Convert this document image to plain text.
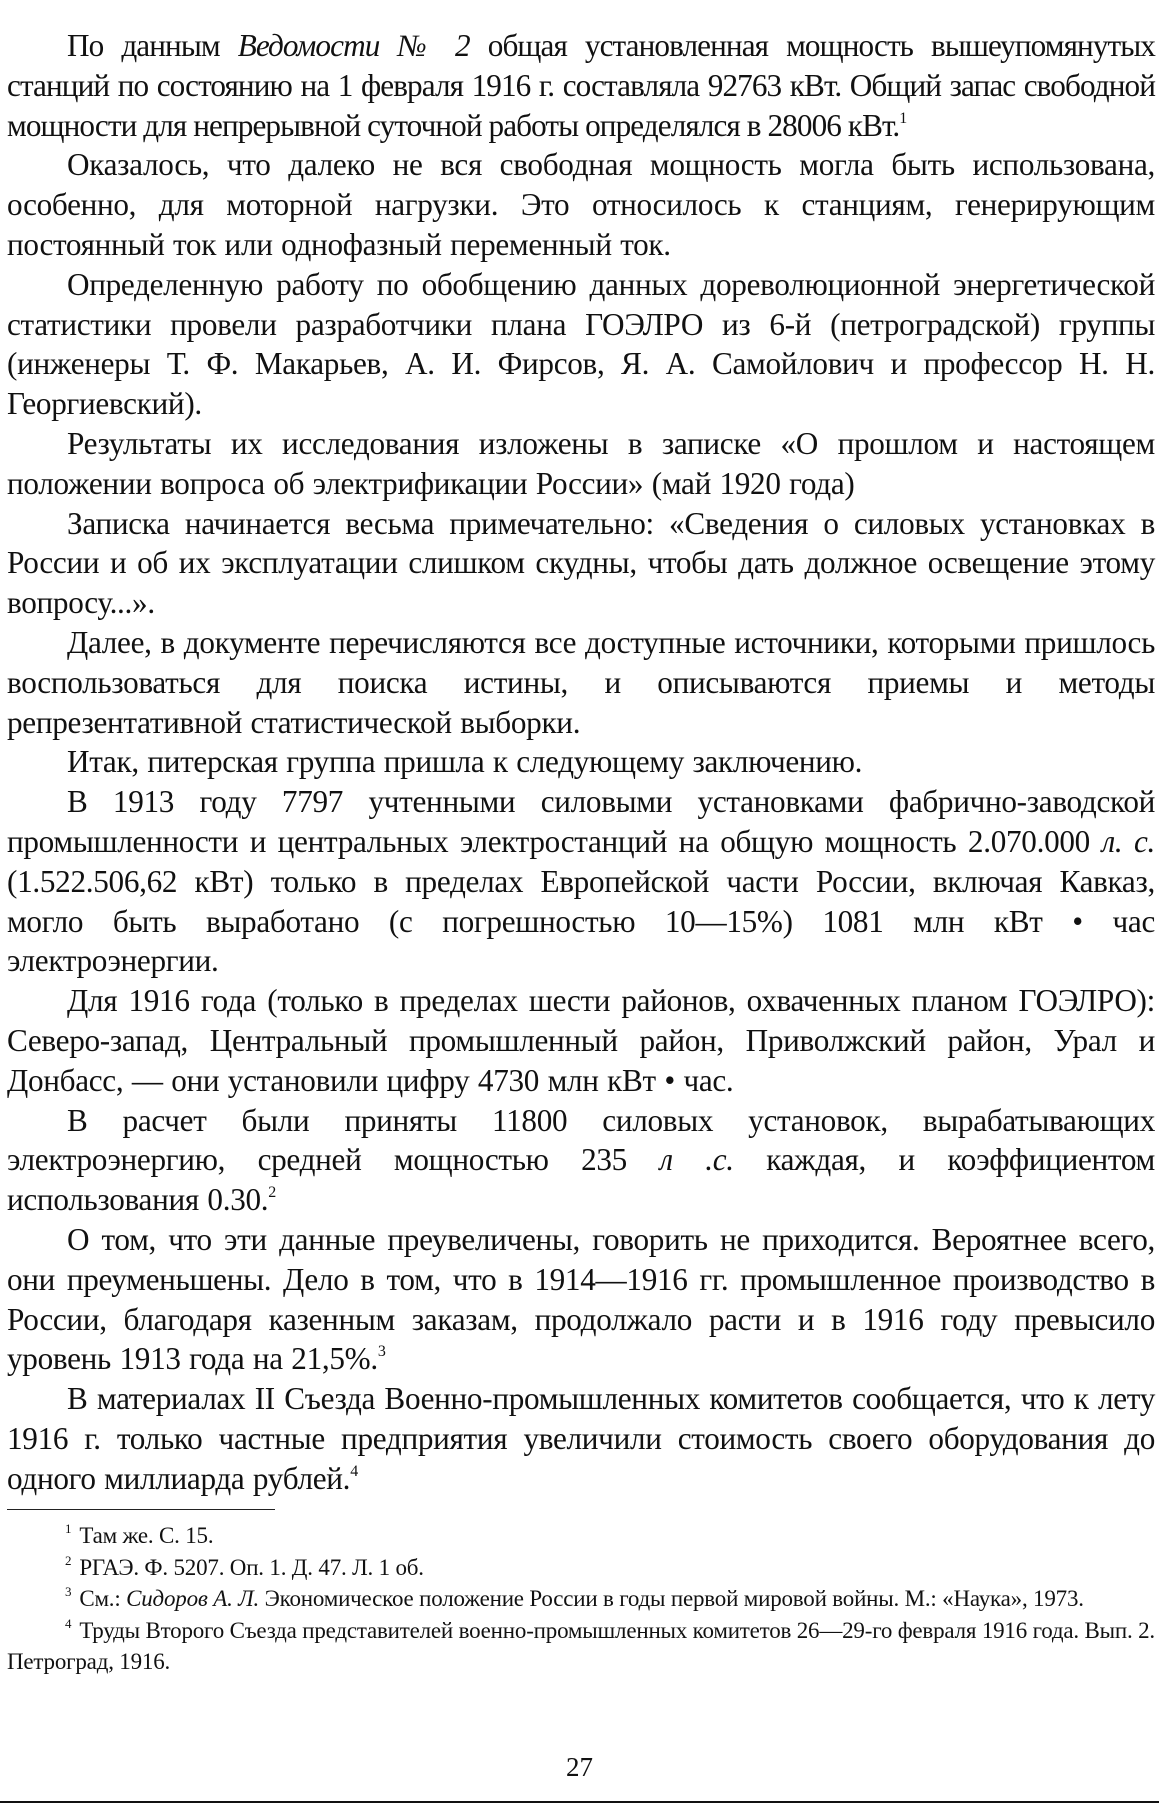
По данным Ведомости № 2 общая установленная мощность вышеупомянутых станций по состоянию на 1 февраля 1916 г. составляла 92763 кВт. Общий запас свободной мощности для непрерывной суточной работы определялся в 28006 кВт.$^1$

Оказалось, что далеко не вся свободная мощность могла быть использована, особенно, для моторной нагрузки. Это относилось к станциям, генерирующим постоянный ток или однофазный переменный ток.

Определенную работу по обобщению данных дореволюционной энергетической статистики провели разработчики плана ГОЭЛРО из 6-й (петроградской) группы (инженеры Т. Ф. Макарьев, А. И. Фирсов, Я. А. Самойлович и профессор Н. Н. Георгиевский).

Результаты их исследования изложены в записке «О прошлом и настоящем положении вопроса об электрификации России» (май 1920 года)

Записка начинается весьма примечательно: «Сведения о силовых установках в России и об их эксплуатации слишком скудны, чтобы дать должное освещение этому вопросу...».

Далее, в документе перечисляются все доступные источники, которыми пришлось воспользоваться для поиска истины, и описываются приемы и методы репрезентативной статистической выборки.

Итак, питерская группа пришла к следующему заключению.

В 1913 году 7797 учтенными силовыми установками фабрично-заводской промышленности и центральных электростанций на общую мощность 2.070.000 л. с. (1.522.506,62 кВт) только в пределах Европейской части России, включая Кавказ, могло быть выработано (с погрешностью 10—15%) 1081 млн кВт • час электроэнергии.

Для 1916 года (только в пределах шести районов, охваченных планом ГОЭЛРО): Северо-запад, Центральный промышленный район, Приволжский район, Урал и Донбасс, — они установили цифру 4730 млн кВт • час.

В расчет были приняты 11800 силовых установок, вырабатывающих электроэнергию, средней мощностью 235 л .с. каждая, и коэффициентом использования 0.30.$^2$

О том, что эти данные преувеличены, говорить не приходится. Вероятнее всего, они преуменьшены. Дело в том, что в 1914—1916 гг. промышленное производство в России, благодаря казенным заказам, продолжало расти и в 1916 году превысило уровень 1913 года на 21,5%.$^3$

В материалах II Съезда Военно-промышленных комитетов сообщается, что к лету 1916 г. только частные предприятия увеличили стоимость своего оборудования до одного миллиарда рублей.$^4$

$^1$ Там же. С. 15.

$^2$ РГАЭ. Ф. 5207. Оп. 1. Д. 47. Л. 1 об.

$^3$ См.: Сидоров А. Л. Экономическое положение России в годы первой мировой войны. М.: «Наука», 1973.

$^4$ Труды Второго Съезда представителей военно-промышленных комитетов 26—29-го февраля 1916 года. Вып. 2. Петроград, 1916.

27
